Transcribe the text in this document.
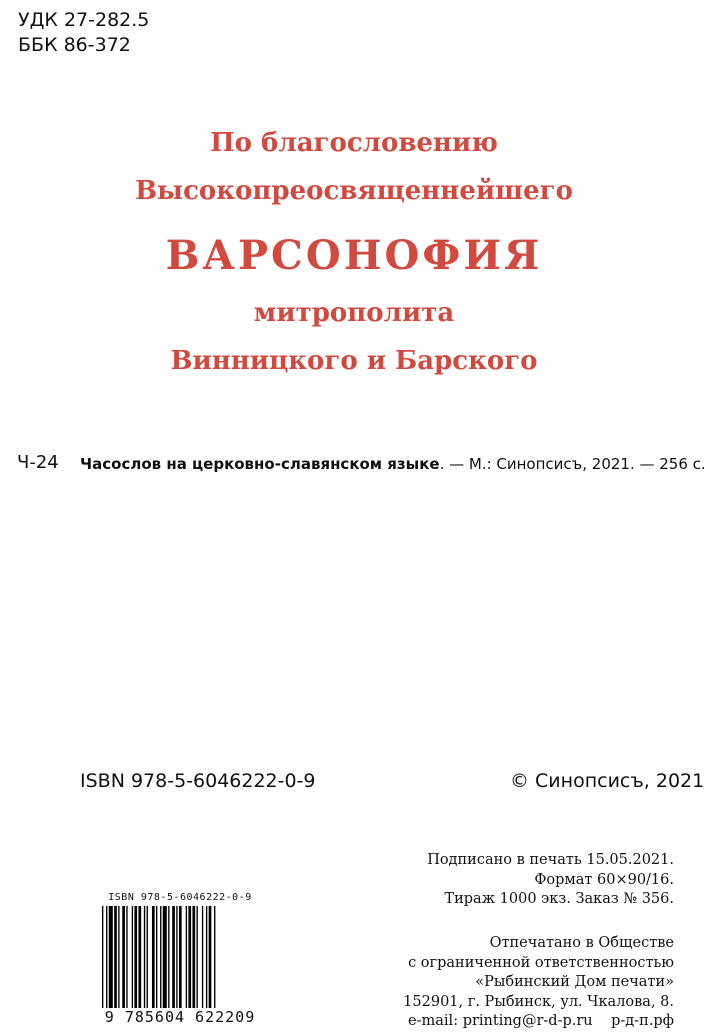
УДК 27-282.5
ББК 86-372
По благословению
Высокопреосвященнейшего
ВАРСОНОФИЯ
митрополита
Винницкого и Барского
Ч-24 Часослов на церковно-славянском языке. — М.: Синопсисъ, 2021. — 256 с.
ISBN 978-5-6046222-0-9	© Синопсисъ, 2021
Подписано в печать 15.05.2021.
Формат 60×90/16.
Тираж 1000 экз. Заказ № 356.
Отпечатано в Обществе
с ограниченной ответственностью
«Рыбинский Дом печати»
152901, г. Рыбинск, ул. Чкалова, 8.
e-mail: printing@r-d-p.ru    р-д-п.рф
ISBN 978-5-6046222-0-9
9 785604 622209
